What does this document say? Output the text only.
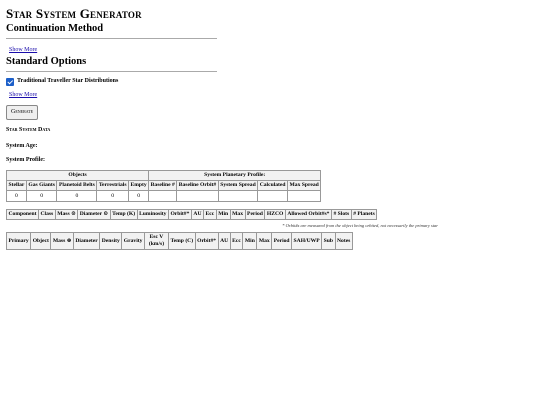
Star System Generator
Continuation Method
Show More
Standard Options
Traditional Traveller Star Distributions
Show More
Generate
Star System Data
System Age:
System Profile:
Objects					System Planetary Profile:				
Stellar	Gas Giants	Planetoid Belts	Terrestrials	Empty	Baseline #	Baseline Orbit#	System Spread	Calculated	Max Spread
0	0	0	0	0					
Component	Class	Mass ⊙	Diameter ⊙	Temp (K)	Luminosity	Orbit#*	AU	Ecc	Min	Max	Period	HZCO	Allowed Orbit#s*	# Slots	# Planets
* Orbit#s are measured from the object being orbited, not necessarily the primary star
Primary	Object	Mass ⊕	Diameter	Density	Gravity	Esc V (km/s)	Temp (C)	Orbit#*	AU	Ecc	Min	Max	Period	SAH/UWP	Sub	Notes
